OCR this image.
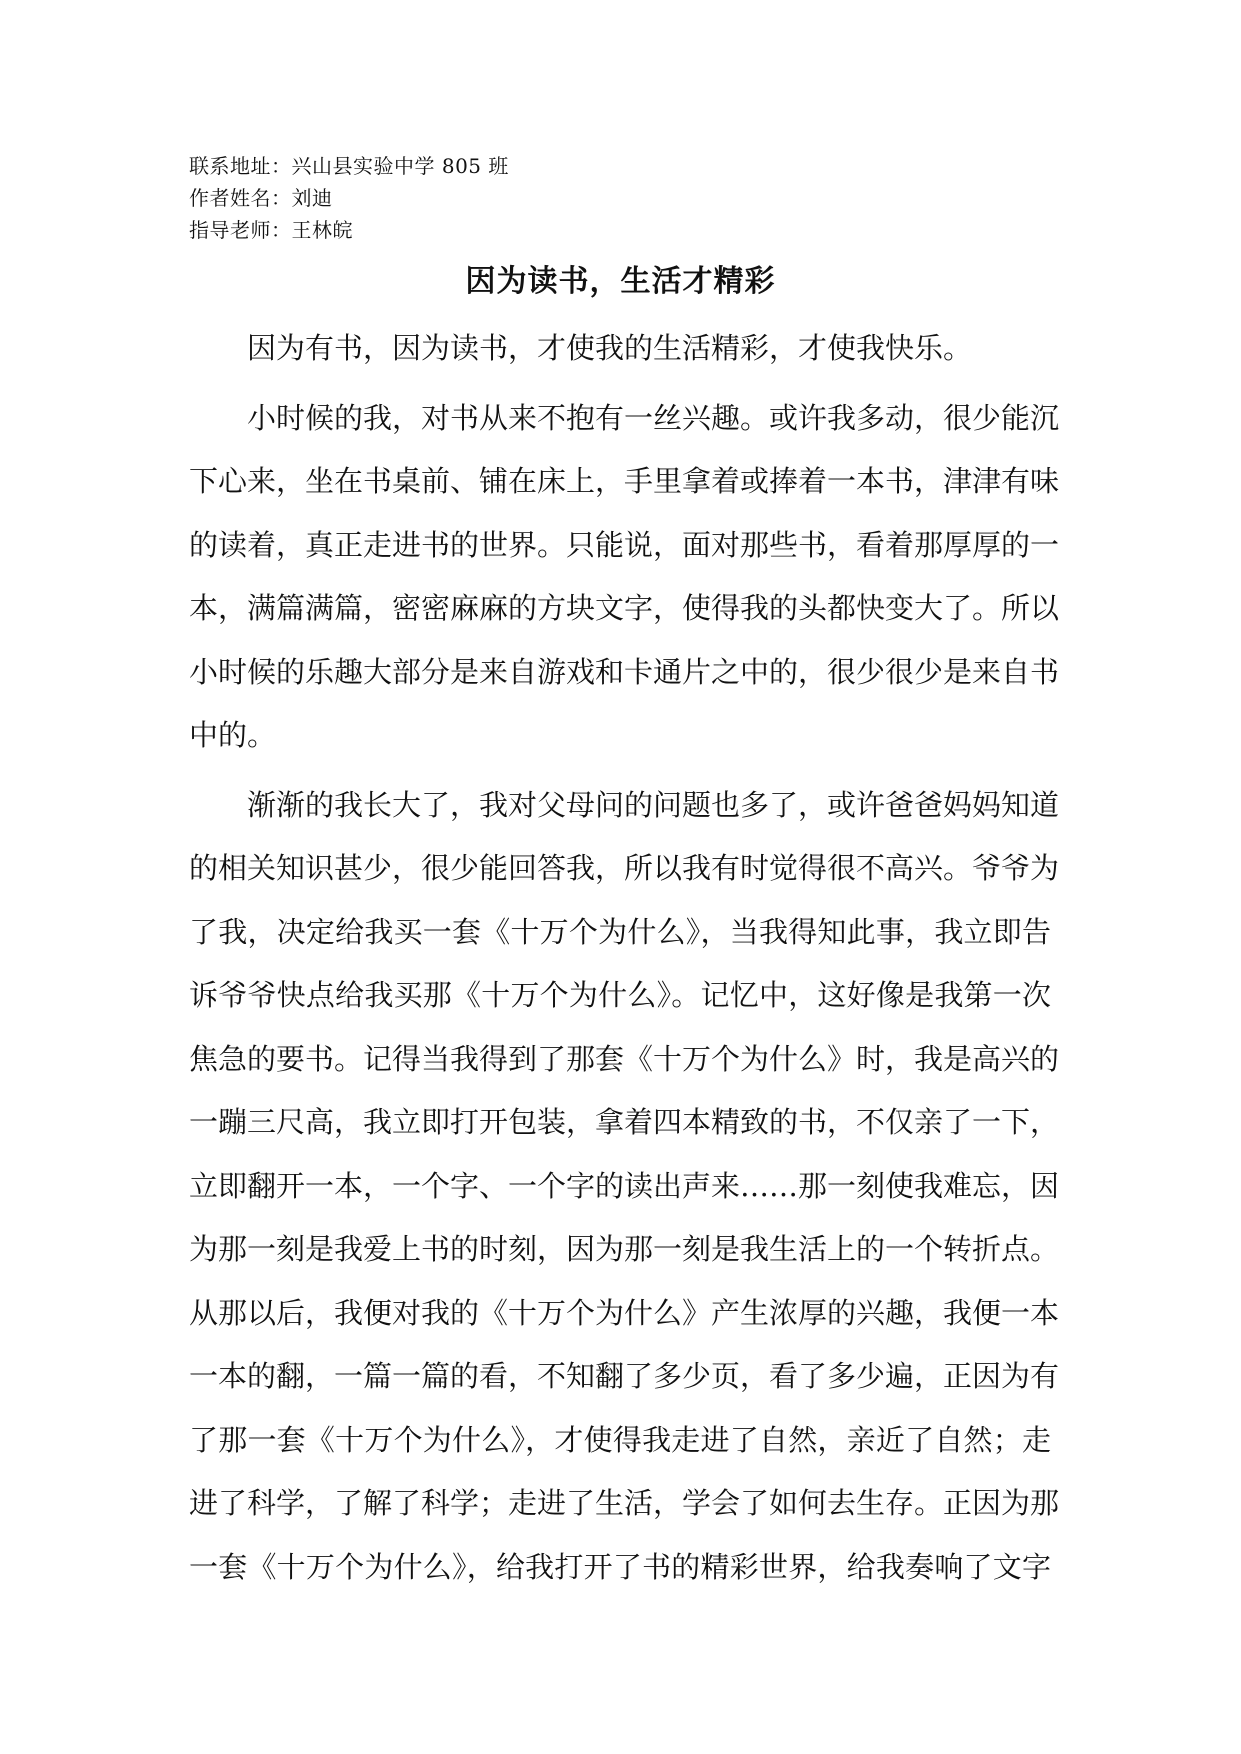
联系地址：兴山县实验中学 805 班
作者姓名：刘迪
指导老师：王林皖
因为读书，生活才精彩
因为有书，因为读书，才使我的生活精彩，才使我快乐。
小时候的我，对书从来不抱有一丝兴趣。或许我多动，很少能沉
下心来，坐在书桌前、铺在床上，手里拿着或捧着一本书，津津有味
的读着，真正走进书的世界。只能说，面对那些书，看着那厚厚的一
本，满篇满篇，密密麻麻的方块文字，使得我的头都快变大了。所以
小时候的乐趣大部分是来自游戏和卡通片之中的，很少很少是来自书
中的。
渐渐的我长大了，我对父母问的问题也多了，或许爸爸妈妈知道
的相关知识甚少，很少能回答我，所以我有时觉得很不高兴。爷爷为
了我，决定给我买一套《十万个为什么》，当我得知此事，我立即告
诉爷爷快点给我买那《十万个为什么》。记忆中，这好像是我第一次
焦急的要书。记得当我得到了那套《十万个为什么》时，我是高兴的
一蹦三尺高，我立即打开包装，拿着四本精致的书，不仅亲了一下，
立即翻开一本，一个字、一个字的读出声来……那一刻使我难忘，因
为那一刻是我爱上书的时刻，因为那一刻是我生活上的一个转折点。
从那以后，我便对我的《十万个为什么》产生浓厚的兴趣，我便一本
一本的翻，一篇一篇的看，不知翻了多少页，看了多少遍，正因为有
了那一套《十万个为什么》，才使得我走进了自然，亲近了自然；走
进了科学，了解了科学；走进了生活，学会了如何去生存。正因为那
一套《十万个为什么》，给我打开了书的精彩世界，给我奏响了文字
